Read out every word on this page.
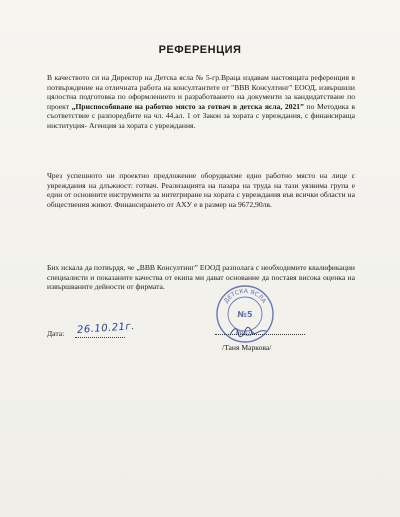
РЕФЕРЕНЦИЯ

В качеството си на Директор на Детска ясла № 5-гр.Враца издавам настоящата референция в потвърждение на отличната работа на консултантите от "ВВВ Консултинг" ЕООД, извършили цялостна подготовка по оформлението и разработването на документи за кандидатстване по проект „Приспособяване на работно място за готвач в детска ясла, 2021” по Методика в съответствие с разпоредбите на чл. 44,ал. 1 от Закон за хората с увреждания, с финансираща институция- Агенция за хората с увреждания.

Чрез успешното ни проектно предложение оборудвахме едно работно място на лице с увреждания на длъжност: готвач. Реализацията на пазара на труда на тази уязвима група е един от основните инструменти за интегриране на хората с увреждания във всички области на обществения живот. Финансирането от АХУ е в размер на 9672,90лв.

Бих искала да потвърдя, че „ВВВ Консултинг” ЕООД разполага с необходимите квалификации специалисти и показаните качества от екипа ми дават основание да поставя висока оценка на извършваните дейности от фирмата.

Дата: 26.10.21г.
ДЕТСКА ЯСЛА
ВРАЦА
№5
/Таня Маркова/
